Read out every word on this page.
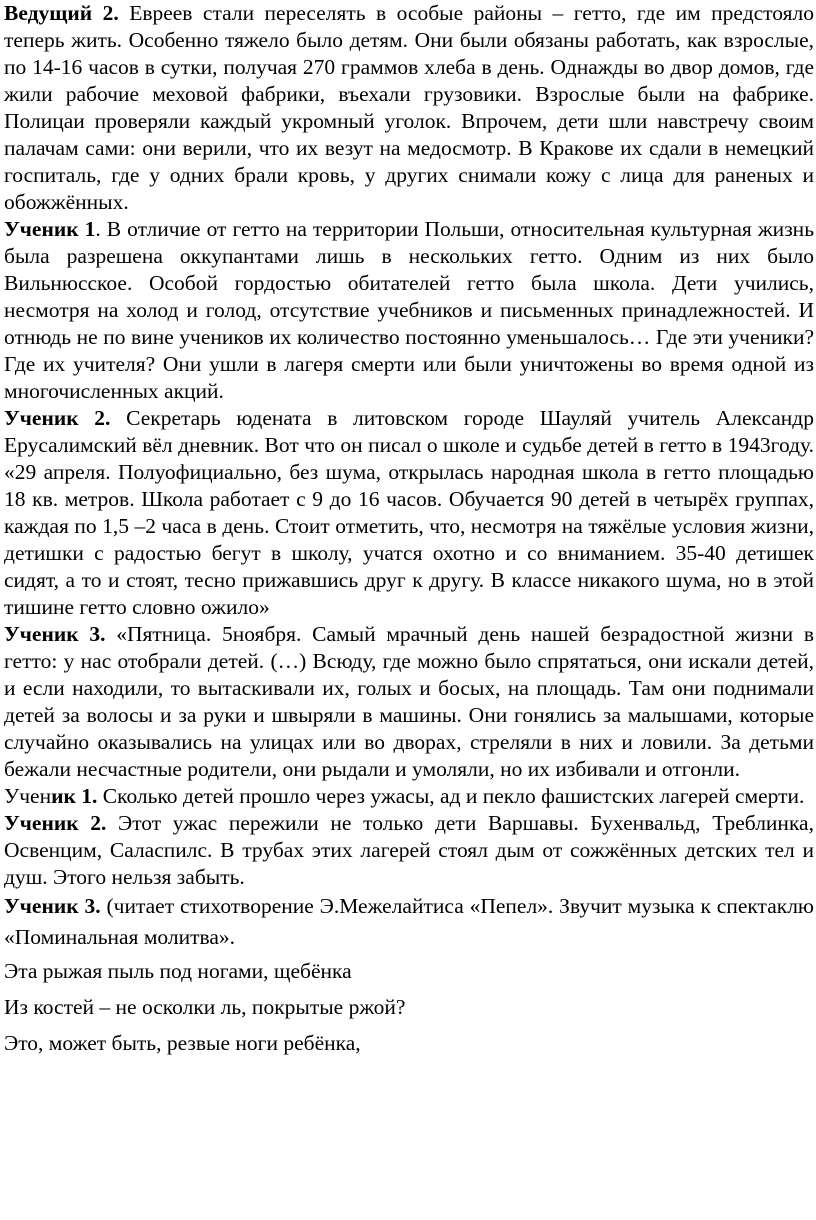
Ведущий 2. Евреев стали переселять в особые районы – гетто, где им предстояло теперь жить. Особенно тяжело было детям. Они были обязаны работать, как взрослые, по 14-16 часов в сутки, получая 270 граммов хлеба в день. Однажды во двор домов, где жили рабочие меховой фабрики, въехали грузовики. Взрослые были на фабрике. Полицаи проверяли каждый укромный уголок. Впрочем, дети шли навстречу своим палачам сами: они верили, что их везут на медосмотр. В Кракове их сдали в немецкий госпиталь, где у одних брали кровь, у других снимали кожу с лица для раненых и обожжённых.

Ученик 1. В отличие от гетто на территории Польши, относительная культурная жизнь была разрешена оккупантами лишь в нескольких гетто. Одним из них было Вильнюсское. Особой гордостью обитателей гетто была школа. Дети учились, несмотря на холод и голод, отсутствие учебников и письменных принадлежностей. И отнюдь не по вине учеников их количество постоянно уменьшалось… Где эти ученики? Где их учителя? Они ушли в лагеря смерти или были уничтожены во время одной из многочисленных акций.

Ученик 2. Секретарь юдената в литовском городе Шауляй учитель Александр Ерусалимский вёл дневник. Вот что он писал о школе и судьбе детей в гетто в 1943году. «29 апреля. Полуофициально, без шума, открылась народная школа в гетто площадью 18 кв. метров. Школа работает с 9 до 16 часов. Обучается 90 детей в четырёх группах, каждая по 1,5 –2 часа в день. Стоит отметить, что, несмотря на тяжёлые условия жизни, детишки с радостью бегут в школу, учатся охотно и со вниманием. 35-40 детишек сидят, а то и стоят, тесно прижавшись друг к другу. В классе никакого шума, но в этой тишине гетто словно ожило»

Ученик 3. «Пятница. 5ноября. Самый мрачный день нашей безрадостной жизни в гетто: у нас отобрали детей. (…) Всюду, где можно было спрятаться, они искали детей, и если находили, то вытаскивали их, голых и босых, на площадь. Там они поднимали детей за волосы и за руки и швыряли в машины. Они гонялись за малышами, которые случайно оказывались на улицах или во дворах, стреляли в них и ловили. За детьми бежали несчастные родители, они рыдали и умоляли, но их избивали и отгонли.

Ученик 1. Сколько детей прошло через ужасы, ад и пекло фашистских лагерей смерти.

Ученик 2. Этот ужас пережили не только дети Варшавы. Бухенвальд, Треблинка, Освенцим, Саласпилс. В трубах этих лагерей стоял дым от сожжённых детских тел и душ. Этого нельзя забыть.

Ученик 3. (читает стихотворение Э.Межелайтиса «Пепел». Звучит музыка к спектаклю «Поминальная молитва».

Эта рыжая пыль под ногами, щебёнка

Из костей – не осколки ль, покрытые ржой?

Это, может быть, резвые ноги ребёнка,
